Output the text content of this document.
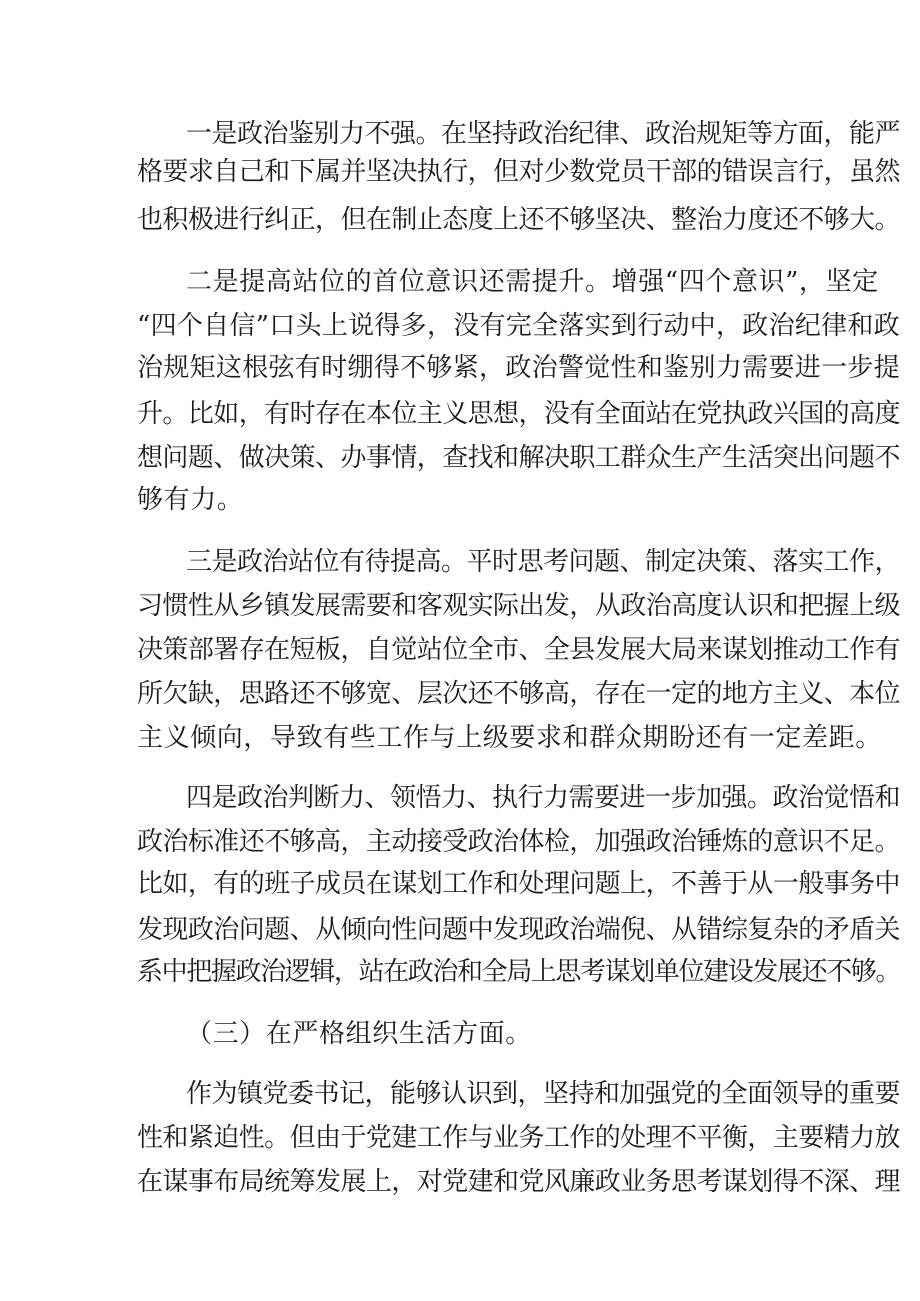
一是政治鉴别力不强。在坚持政治纪律、政治规矩等方面，能严
格要求自己和下属并坚决执行，但对少数党员干部的错误言行，虽然
也积极进行纠正，但在制止态度上还不够坚决、整治力度还不够大。
二是提高站位的首位意识还需提升。增强“四个意识”，坚定
“四个自信”口头上说得多，没有完全落实到行动中，政治纪律和政
治规矩这根弦有时绷得不够紧，政治警觉性和鉴别力需要进一步提
升。比如，有时存在本位主义思想，没有全面站在党执政兴国的高度
想问题、做决策、办事情，查找和解决职工群众生产生活突出问题不
够有力。
三是政治站位有待提高。平时思考问题、制定决策、落实工作，
习惯性从乡镇发展需要和客观实际出发，从政治高度认识和把握上级
决策部署存在短板，自觉站位全市、全县发展大局来谋划推动工作有
所欠缺，思路还不够宽、层次还不够高，存在一定的地方主义、本位
主义倾向，导致有些工作与上级要求和群众期盼还有一定差距。
四是政治判断力、领悟力、执行力需要进一步加强。政治觉悟和
政治标准还不够高，主动接受政治体检，加强政治锤炼的意识不足。
比如，有的班子成员在谋划工作和处理问题上，不善于从一般事务中
发现政治问题、从倾向性问题中发现政治端倪、从错综复杂的矛盾关
系中把握政治逻辑，站在政治和全局上思考谋划单位建设发展还不够。
（三）在严格组织生活方面。
作为镇党委书记，能够认识到，坚持和加强党的全面领导的重要
性和紧迫性。但由于党建工作与业务工作的处理不平衡，主要精力放
在谋事布局统筹发展上，对党建和党风廉政业务思考谋划得不深、理
